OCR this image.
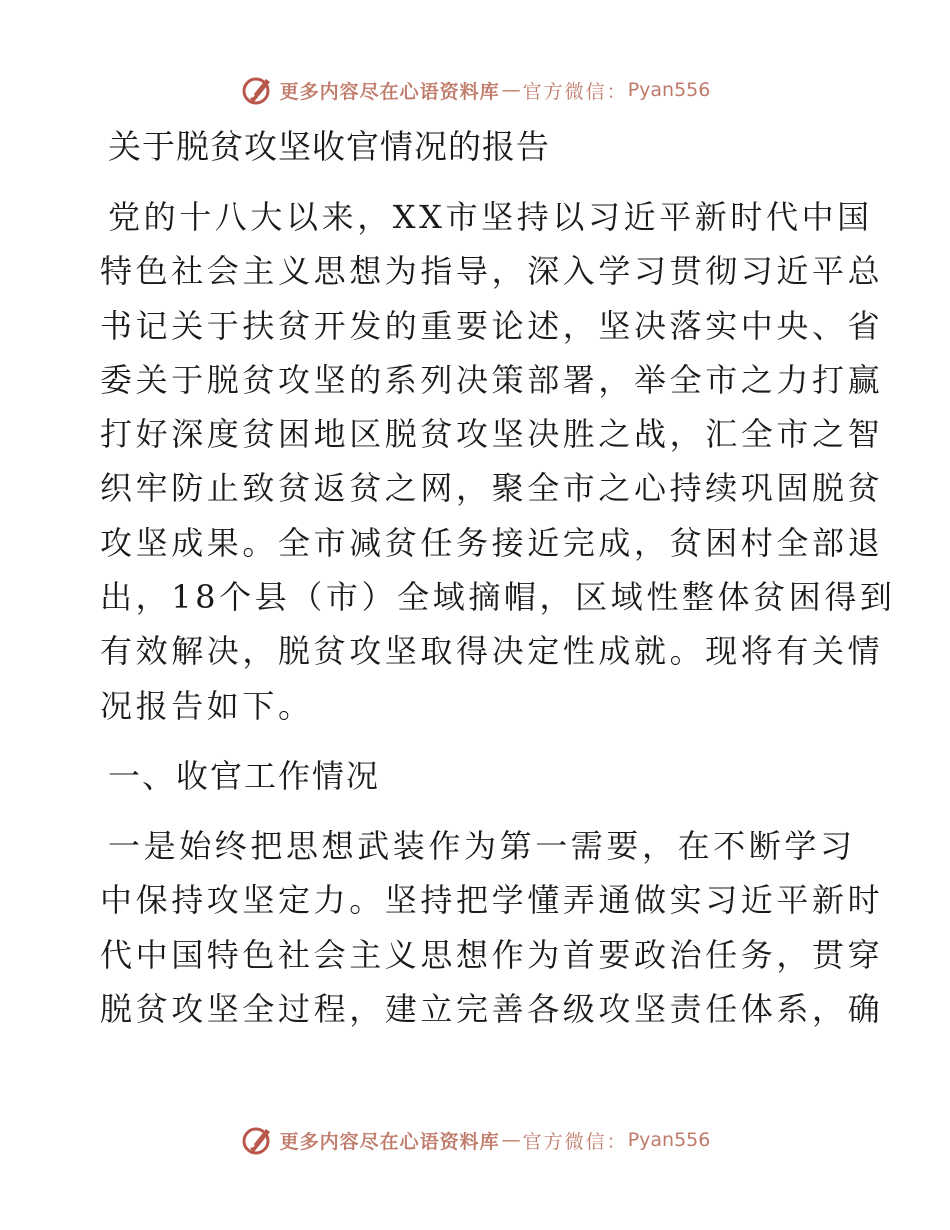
更多内容尽在心语资料库 — 官方微信： Pyan556
关于脱贫攻坚收官情况的报告

党的十八大以来，XX市坚持以习近平新时代中国
特色社会主义思想为指导，深入学习贯彻习近平总
书记关于扶贫开发的重要论述，坚决落实中央、省
委关于脱贫攻坚的系列决策部署，举全市之力打赢
打好深度贫困地区脱贫攻坚决胜之战，汇全市之智
织牢防止致贫返贫之网，聚全市之心持续巩固脱贫
攻坚成果。全市减贫任务接近完成，贫困村全部退
出，18个县（市）全域摘帽，区域性整体贫困得到
有效解决，脱贫攻坚取得决定性成就。现将有关情
况报告如下。

一、收官工作情况

一是始终把思想武装作为第一需要，在不断学习
中保持攻坚定力。坚持把学懂弄通做实习近平新时
代中国特色社会主义思想作为首要政治任务，贯穿
脱贫攻坚全过程，建立完善各级攻坚责任体系，确

更多内容尽在心语资料库 — 官方微信： Pyan556
